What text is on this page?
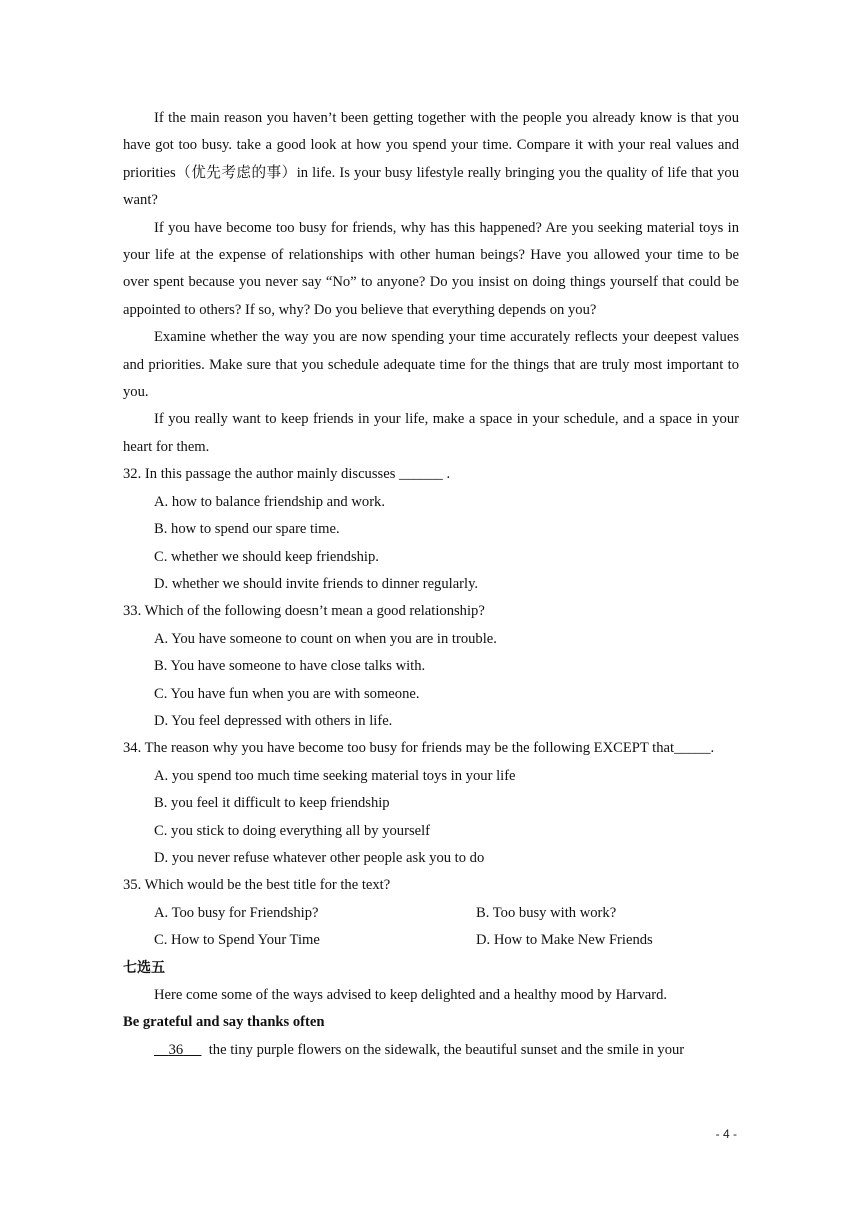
If the main reason you haven’t been getting together with the people you already know is that you have got too busy. take a good look at how you spend your time. Compare it with your real values and priorities（优先考虑的事）in life. Is your busy lifestyle really bringing you the quality of life that you want?

If you have become too busy for friends, why has this happened? Are you seeking material toys in your life at the expense of relationships with other human beings? Have you allowed your time to be over spent because you never say “No” to anyone? Do you insist on doing things yourself that could be appointed to others? If so, why? Do you believe that everything depends on you?

Examine whether the way you are now spending your time accurately reflects your deepest values and priorities. Make sure that you schedule adequate time for the things that are truly most important to you.

If you really want to keep friends in your life, make a space in your schedule, and a space in your heart for them.

32. In this passage the author mainly discusses ______ .

A. how to balance friendship and work.

B. how to spend our spare time.

C. whether we should keep friendship.

D. whether we should invite friends to dinner regularly.

33. Which of the following doesn’t mean a good relationship?

A. You have someone to count on when you are in trouble.

B. You have someone to have close talks with.

C. You have fun when you are with someone.

D. You feel depressed with others in life.

34. The reason why you have become too busy for friends may be the following EXCEPT that_____.

A. you spend too much time seeking material toys in your life

B. you feel it difficult to keep friendship

C. you stick to doing everything all by yourself

D. you never refuse whatever other people ask you to do

35. Which would be the best title for the text?

A. Too busy for Friendship?	B. Too busy with work?
C. How to Spend Your Time	D. How to Make New Friends

七选五

Here come some of the ways advised to keep delighted and a healthy mood by Harvard.

Be grateful and say thanks often

36 the tiny purple flowers on the sidewalk, the beautiful sunset and the smile in your

- 4 -
